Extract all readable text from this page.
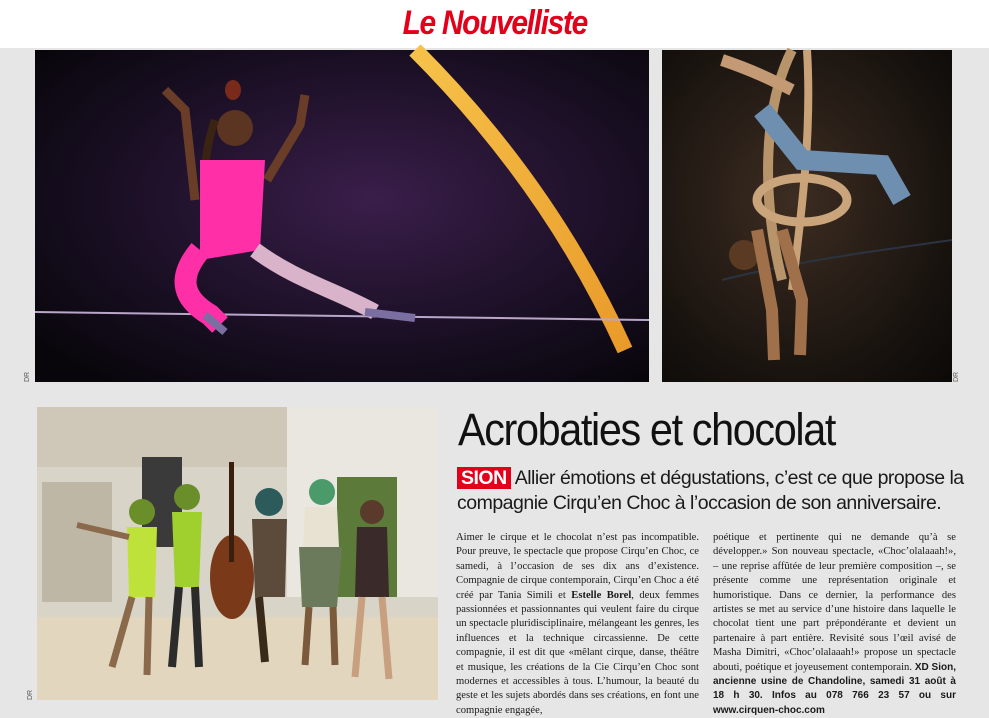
Le Nouvelliste
DR	DR
DR
Acrobaties et chocolat
SION Allier émotions et dégustations, c’est ce que propose la compagnie Cirqu’en Choc à l’occasion de son anniversaire.
Aimer le cirque et le chocolat n’est pas incompatible. Pour preuve, le spectacle que propose Cirqu’en Choc, ce samedi, à l’occasion de ses dix ans d’existence. Compagnie de cirque contemporain, Cirqu’en Choc a été créé par Tania Simili et Estelle Borel, deux femmes passionnées et passionnantes qui veulent faire du cirque un spectacle pluridisciplinaire, mélangeant les genres, les influences et la technique circassienne. De cette compagnie, il est dit que «mêlant cirque, danse, théâtre et musique, les créations de la Cie Cirqu’en Choc sont modernes et accessibles à tous. L’humour, la beauté du geste et les sujets abordés dans ses créations, en font une compagnie engagée,
poétique et pertinente qui ne demande qu’à se développer.» Son nouveau spectacle, «Choc’olalaaah!», – une reprise affûtée de leur première composition –, se présente comme une représentation originale et humoristique. Dans ce dernier, la performance des artistes se met au service d’une histoire dans laquelle le chocolat tient une part prépondérante et devient un partenaire à part entière. Revisité sous l’œil avisé de Masha Dimitri, «Choc’olalaaah!» propose un spectacle abouti, poétique et joyeusement contemporain. XD Sion, ancienne usine de Chandoline, samedi 31 août à 18 h 30. Infos au 078 766 23 57 ou sur www.cirquen-choc.com
